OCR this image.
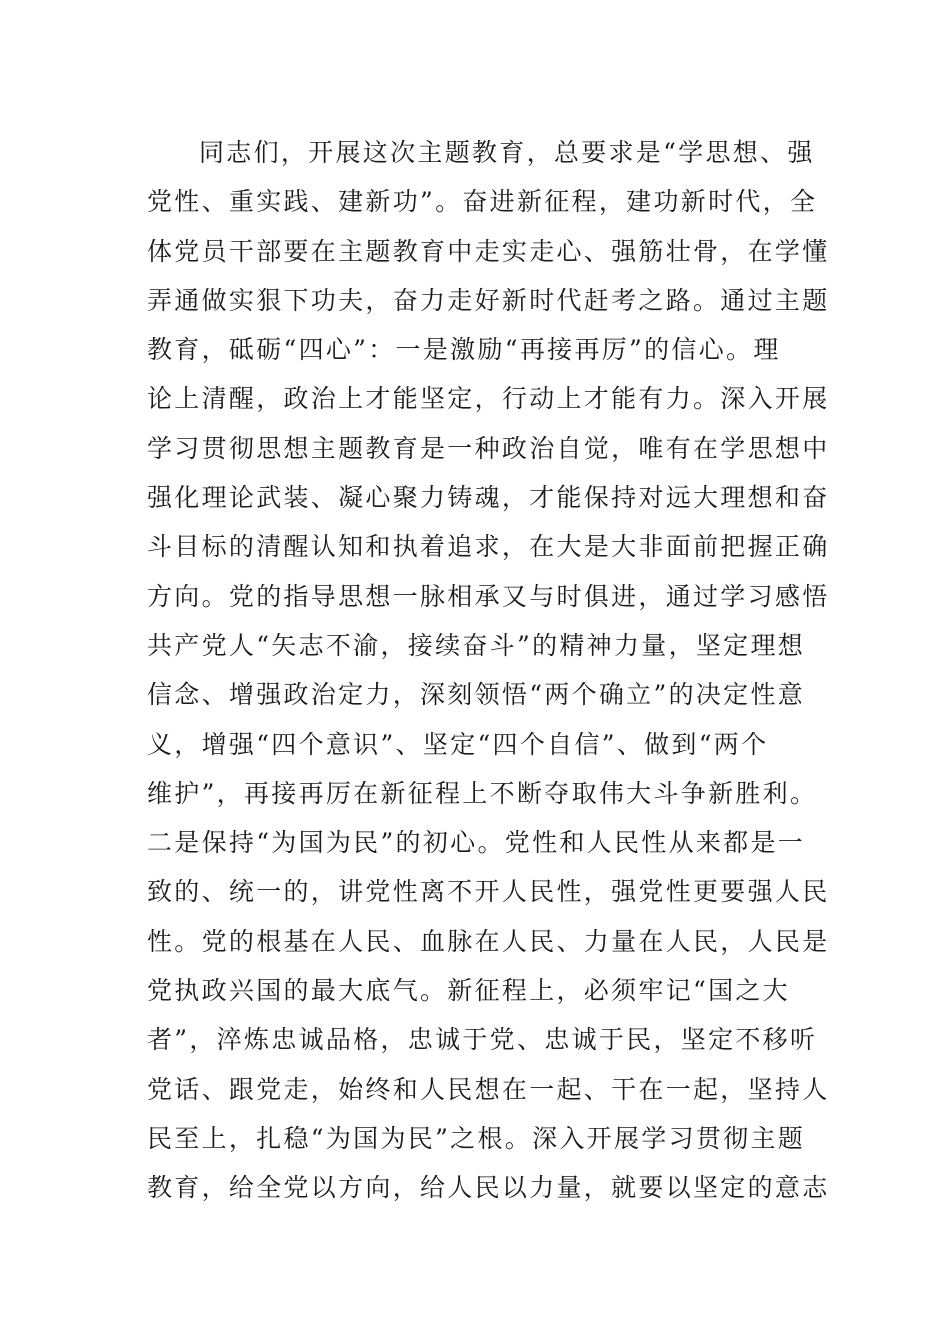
同志们，开展这次主题教育，总要求是“学思想、强
党性、重实践、建新功”。奋进新征程，建功新时代，全
体党员干部要在主题教育中走实走心、强筋壮骨，在学懂
弄通做实狠下功夫，奋力走好新时代赶考之路。通过主题
教育，砥砺“四心”：一是激励“再接再厉”的信心。理
论上清醒，政治上才能坚定，行动上才能有力。深入开展
学习贯彻思想主题教育是一种政治自觉，唯有在学思想中
强化理论武装、凝心聚力铸魂，才能保持对远大理想和奋
斗目标的清醒认知和执着追求，在大是大非面前把握正确
方向。党的指导思想一脉相承又与时俱进，通过学习感悟
共产党人“矢志不渝，接续奋斗”的精神力量，坚定理想
信念、增强政治定力，深刻领悟“两个确立”的决定性意
义，增强“四个意识”、坚定“四个自信”、做到“两个
维护”，再接再厉在新征程上不断夺取伟大斗争新胜利。
二是保持“为国为民”的初心。党性和人民性从来都是一
致的、统一的，讲党性离不开人民性，强党性更要强人民
性。党的根基在人民、血脉在人民、力量在人民，人民是
党执政兴国的最大底气。新征程上，必须牢记“国之大
者”，淬炼忠诚品格，忠诚于党、忠诚于民，坚定不移听
党话、跟党走，始终和人民想在一起、干在一起，坚持人
民至上，扎稳“为国为民”之根。深入开展学习贯彻主题
教育，给全党以方向，给人民以力量，就要以坚定的意志
